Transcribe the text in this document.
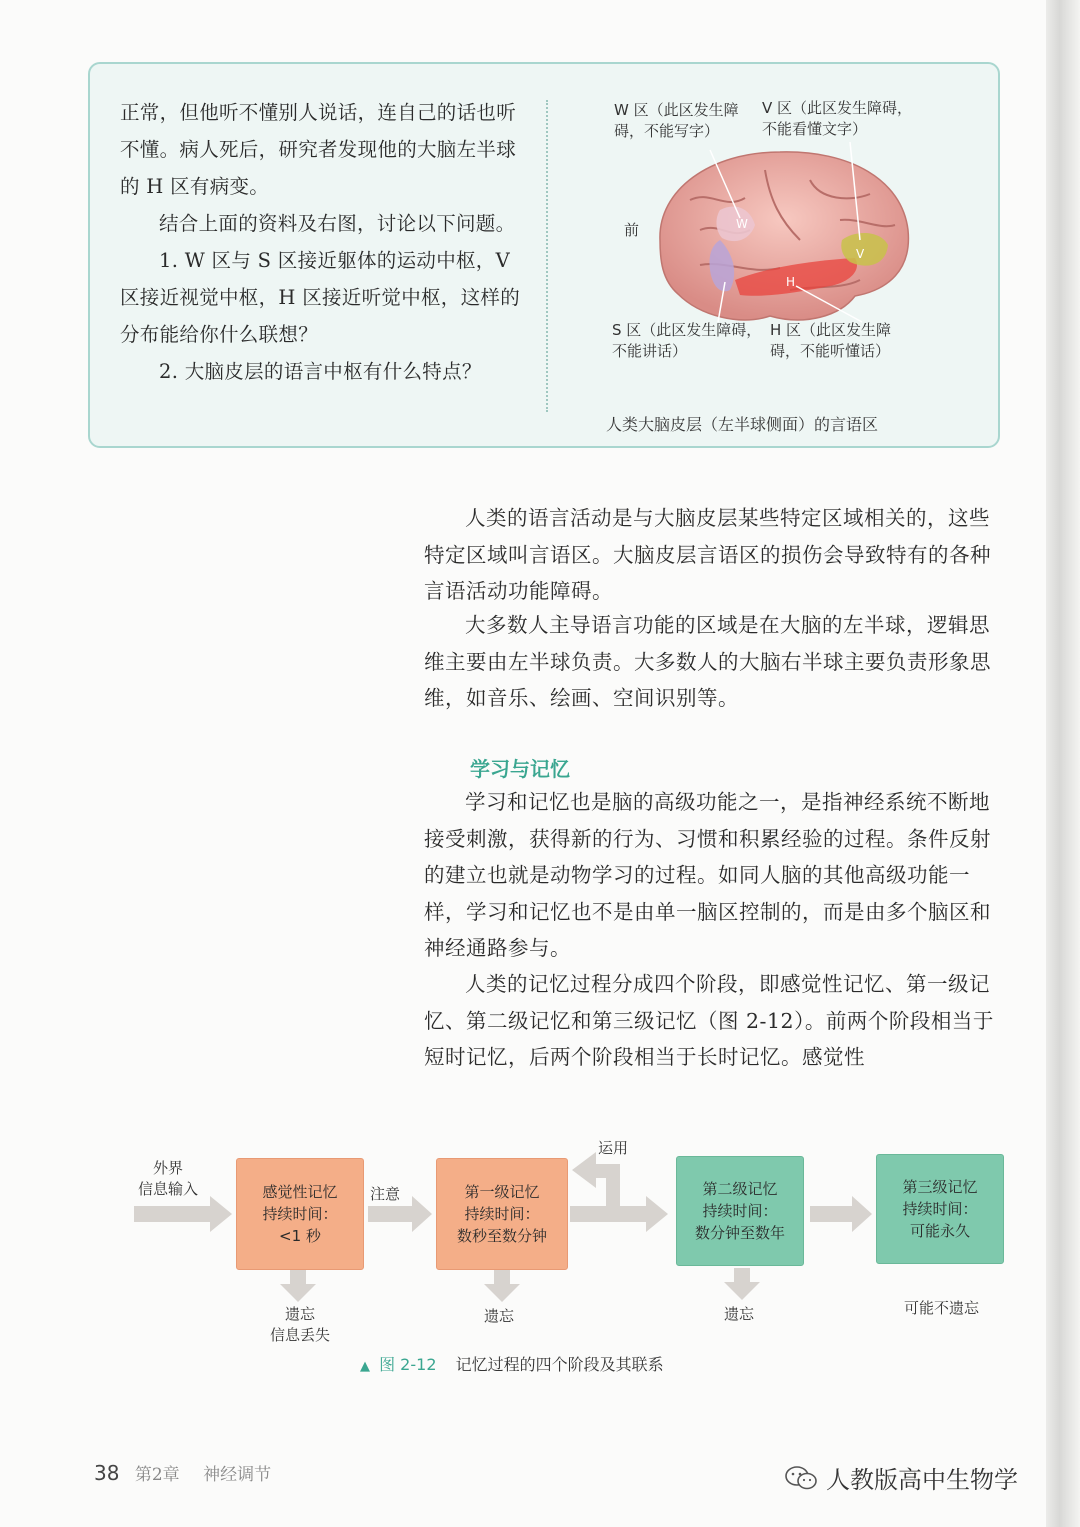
正常，但他听不懂别人说话，连自己的话也听不懂。病人死后，研究者发现他的大脑左半球的 H 区有病变。

结合上面的资料及右图，讨论以下问题。

1. W 区与 S 区接近躯体的运动中枢，V 区接近视觉中枢，H 区接近听觉中枢，这样的分布能给你什么联想？

2. 大脑皮层的语言中枢有什么特点？

W 区（此区发生障碍，不能写字）
V 区（此区发生障碍，不能看懂文字）
前
S 区（此区发生障碍，不能讲话）
H 区（此区发生障碍，不能听懂话）
W
V
H
人类大脑皮层（左半球侧面）的言语区

人类的语言活动是与大脑皮层某些特定区域相关的，这些特定区域叫言语区。大脑皮层言语区的损伤会导致特有的各种言语活动功能障碍。

大多数人主导语言功能的区域是在大脑的左半球，逻辑思维主要由左半球负责。大多数人的大脑右半球主要负责形象思维，如音乐、绘画、空间识别等。

学习与记忆

学习和记忆也是脑的高级功能之一，是指神经系统不断地接受刺激，获得新的行为、习惯和积累经验的过程。条件反射的建立也就是动物学习的过程。如同人脑的其他高级功能一样，学习和记忆也不是由单一脑区控制的，而是由多个脑区和神经通路参与。

人类的记忆过程分成四个阶段，即感觉性记忆、第一级记忆、第二级记忆和第三级记忆（图 2-12）。前两个阶段相当于短时记忆，后两个阶段相当于长时记忆。感觉性

外界
信息输入	注意
运用
感觉性记忆
持续时间：
<1 秒
第一级记忆
持续时间：
数秒至数分钟
第二级记忆
持续时间：
数分钟至数年
第三级记忆
持续时间：
可能永久
遗忘
信息丢失
遗忘	遗忘	可能不遗忘
▲ 图 2-12 记忆过程的四个阶段及其联系
38 第2章 神经调节	人教版高中生物学
